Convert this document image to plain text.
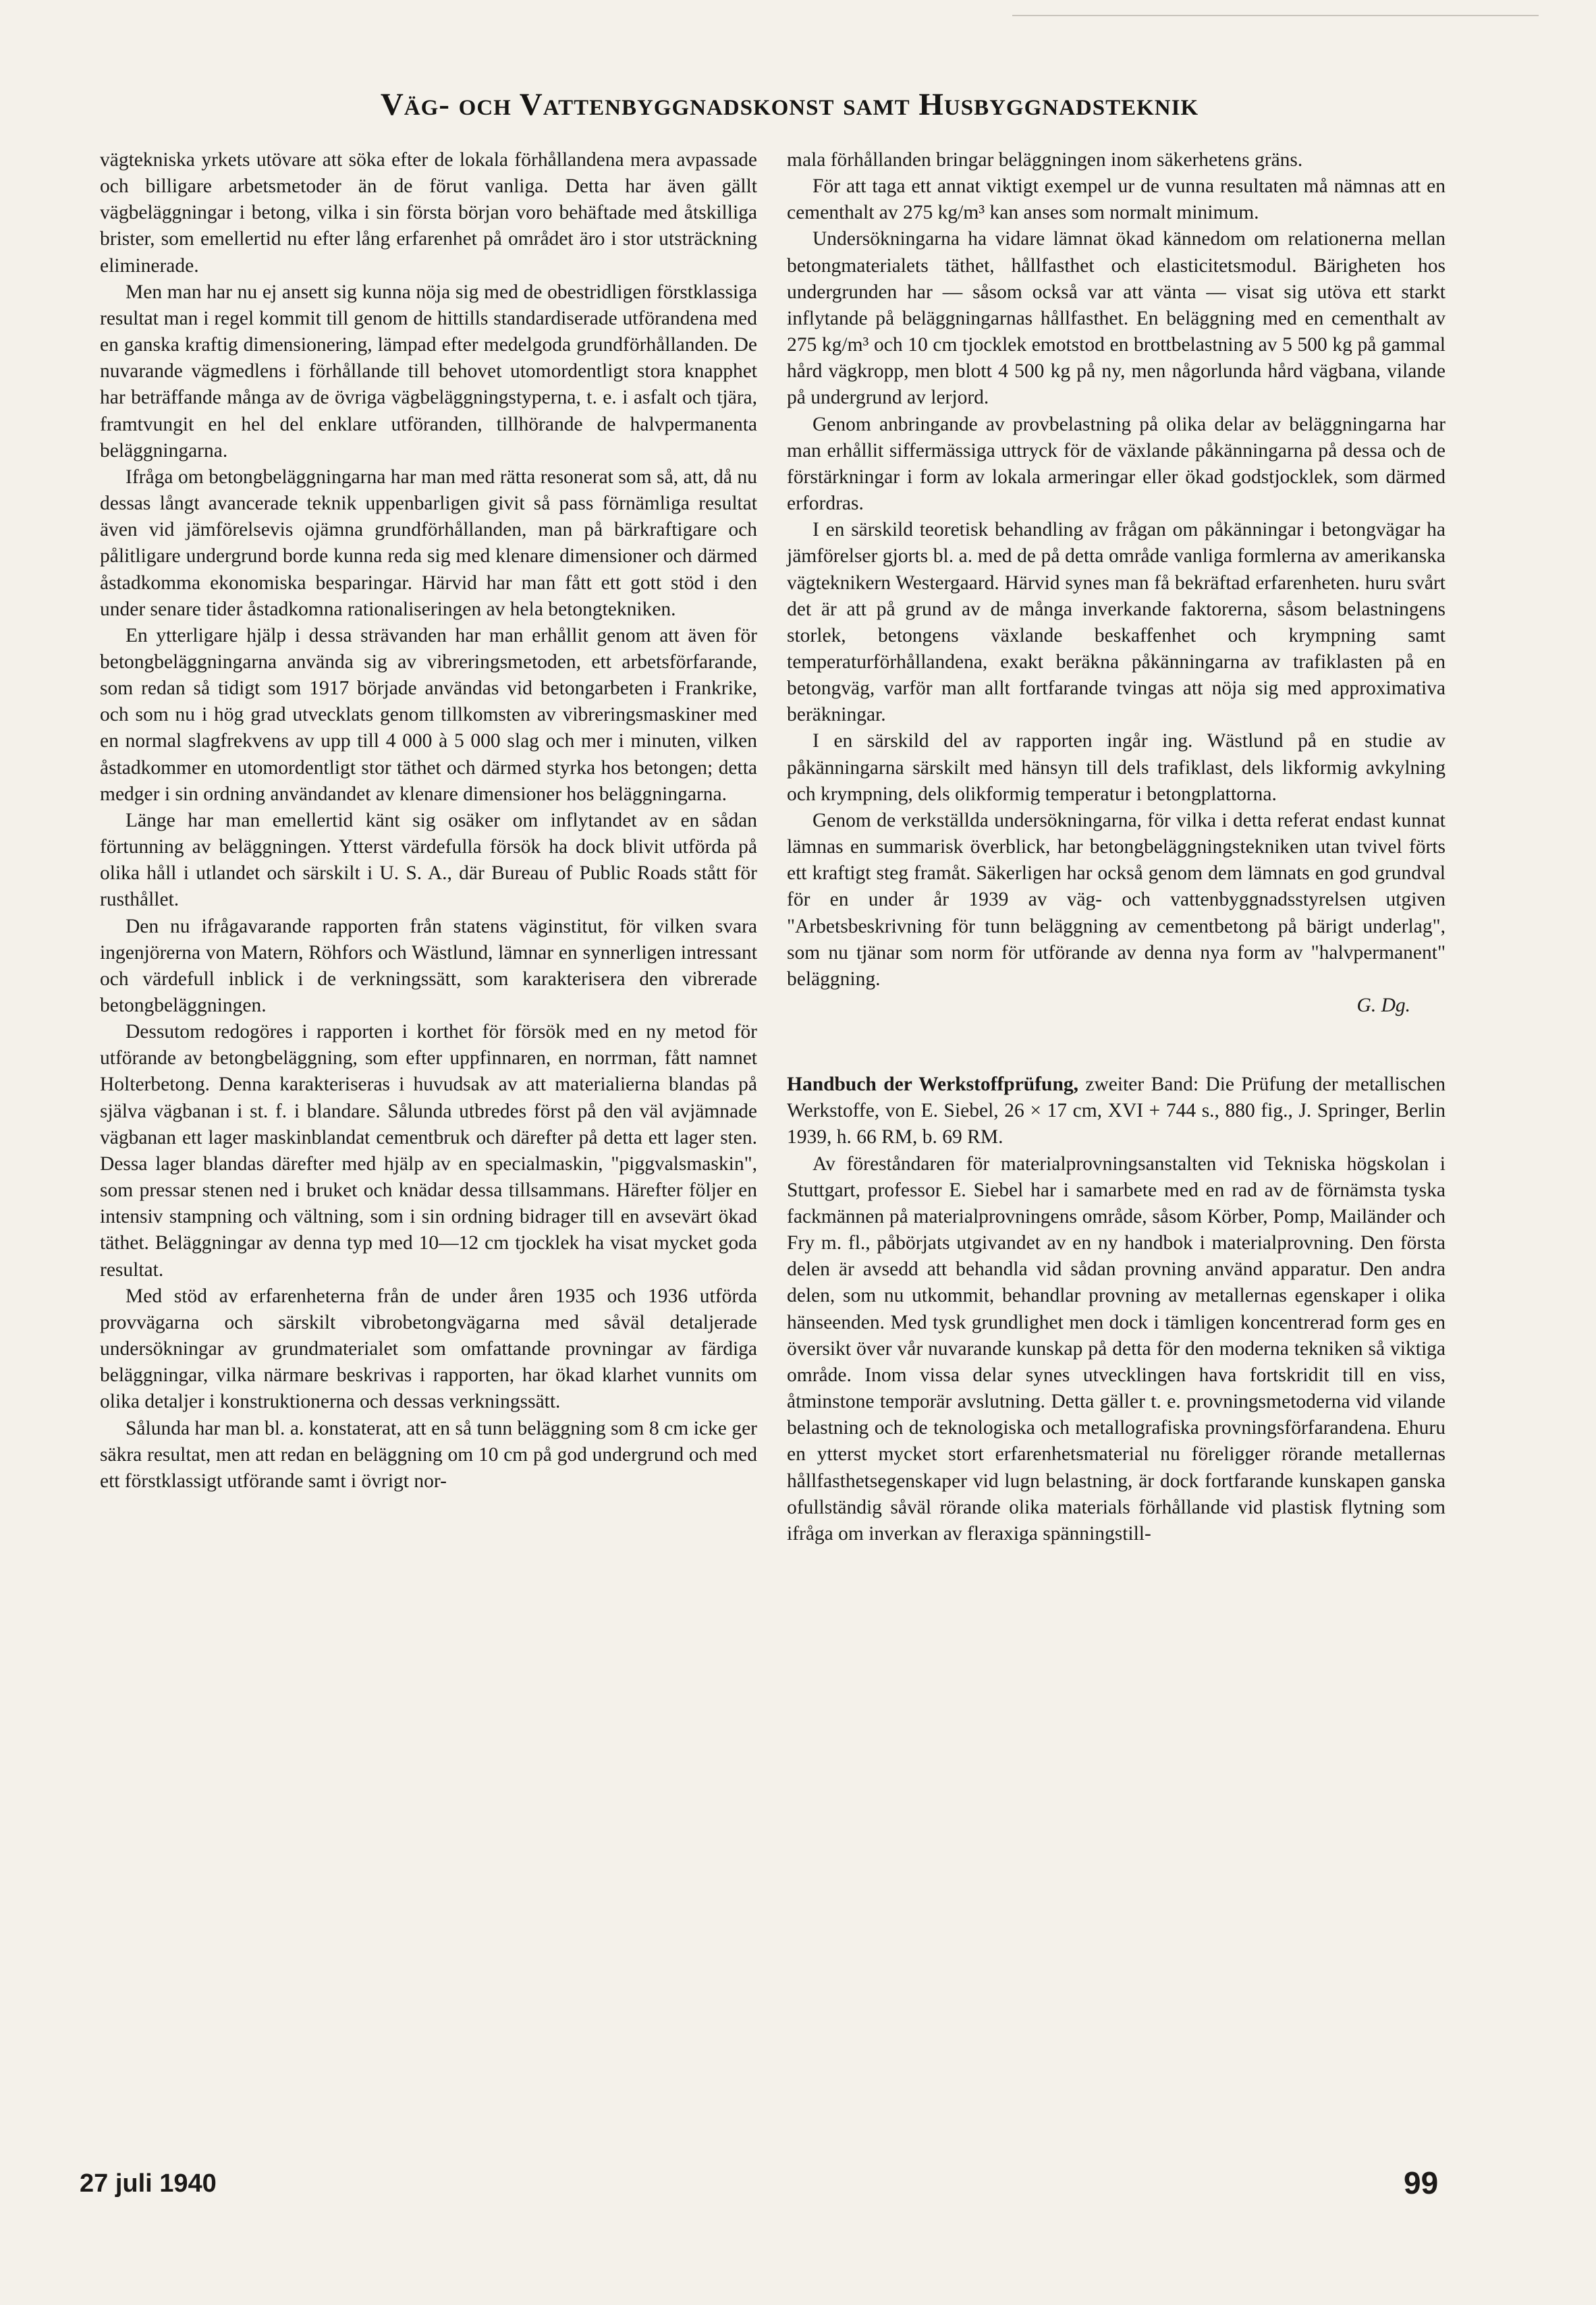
Väg- och Vattenbyggnadskonst samt Husbyggnadsteknik

vägtekniska yrkets utövare att söka efter de lokala förhållandena mera avpassade och billigare arbetsmetoder än de förut vanliga. Detta har även gällt vägbeläggningar i betong, vilka i sin första början voro behäftade med åtskilliga brister, som emellertid nu efter lång erfarenhet på området äro i stor utsträckning eliminerade.

Men man har nu ej ansett sig kunna nöja sig med de obestridligen förstklassiga resultat man i regel kommit till genom de hittills standardiserade utförandena med en ganska kraftig dimensionering, lämpad efter medelgoda grundförhållanden. De nuvarande vägmedlens i förhållande till behovet utomordentligt stora knapphet har beträffande många av de övriga vägbeläggningstyperna, t. e. i asfalt och tjära, framtvungit en hel del enklare utföranden, tillhörande de halvpermanenta beläggningarna.

Ifråga om betongbeläggningarna har man med rätta resonerat som så, att, då nu dessas långt avancerade teknik uppenbarligen givit så pass förnämliga resultat även vid jämförelsevis ojämna grundförhållanden, man på bärkraftigare och pålitligare undergrund borde kunna reda sig med klenare dimensioner och därmed åstadkomma ekonomiska besparingar. Härvid har man fått ett gott stöd i den under senare tider åstadkomna rationaliseringen av hela betongtekniken.

En ytterligare hjälp i dessa strävanden har man erhållit genom att även för betongbeläggningarna använda sig av vibreringsmetoden, ett arbetsförfarande, som redan så tidigt som 1917 började användas vid betongarbeten i Frankrike, och som nu i hög grad utvecklats genom tillkomsten av vibreringsmaskiner med en normal slagfrekvens av upp till 4 000 à 5 000 slag och mer i minuten, vilken åstadkommer en utomordentligt stor täthet och därmed styrka hos betongen; detta medger i sin ordning användandet av klenare dimensioner hos beläggningarna.

Länge har man emellertid känt sig osäker om inflytandet av en sådan förtunning av beläggningen. Ytterst värdefulla försök ha dock blivit utförda på olika håll i utlandet och särskilt i U. S. A., där Bureau of Public Roads stått för rusthållet.

Den nu ifrågavarande rapporten från statens väginstitut, för vilken svara ingenjörerna von Matern, Röhfors och Wästlund, lämnar en synnerligen intressant och värdefull inblick i de verkningssätt, som karakterisera den vibrerade betongbeläggningen.

Dessutom redogöres i rapporten i korthet för försök med en ny metod för utförande av betongbeläggning, som efter uppfinnaren, en norrman, fått namnet Holterbetong. Denna karakteriseras i huvudsak av att materialierna blandas på själva vägbanan i st. f. i blandare. Sålunda utbredes först på den väl avjämnade vägbanan ett lager maskinblandat cementbruk och därefter på detta ett lager sten. Dessa lager blandas därefter med hjälp av en specialmaskin, "piggvalsmaskin", som pressar stenen ned i bruket och knädar dessa tillsammans. Härefter följer en intensiv stampning och vältning, som i sin ordning bidrager till en avsevärt ökad täthet. Beläggningar av denna typ med 10—12 cm tjocklek ha visat mycket goda resultat.

Med stöd av erfarenheterna från de under åren 1935 och 1936 utförda provvägarna och särskilt vibrobetongvägarna med såväl detaljerade undersökningar av grundmaterialet som omfattande provningar av färdiga beläggningar, vilka närmare beskrivas i rapporten, har ökad klarhet vunnits om olika detaljer i konstruktionerna och dessas verkningssätt.

Sålunda har man bl. a. konstaterat, att en så tunn beläggning som 8 cm icke ger säkra resultat, men att redan en beläggning om 10 cm på god undergrund och med ett förstklassigt utförande samt i övrigt nor-

mala förhållanden bringar beläggningen inom säkerhetens gräns.

För att taga ett annat viktigt exempel ur de vunna resultaten må nämnas att en cementhalt av 275 kg/m³ kan anses som normalt minimum.

Undersökningarna ha vidare lämnat ökad kännedom om relationerna mellan betongmaterialets täthet, hållfasthet och elasticitetsmodul. Bärigheten hos undergrunden har — såsom också var att vänta — visat sig utöva ett starkt inflytande på beläggningarnas hållfasthet. En beläggning med en cementhalt av 275 kg/m³ och 10 cm tjocklek emotstod en brottbelastning av 5 500 kg på gammal hård vägkropp, men blott 4 500 kg på ny, men någorlunda hård vägbana, vilande på undergrund av lerjord.

Genom anbringande av provbelastning på olika delar av beläggningarna har man erhållit siffermässiga uttryck för de växlande påkänningarna på dessa och de förstärkningar i form av lokala armeringar eller ökad godstjocklek, som därmed erfordras.

I en särskild teoretisk behandling av frågan om påkänningar i betongvägar ha jämförelser gjorts bl. a. med de på detta område vanliga formlerna av amerikanska vägteknikern Westergaard. Härvid synes man få bekräftad erfarenheten. huru svårt det är att på grund av de många inverkande faktorerna, såsom belastningens storlek, betongens växlande beskaffenhet och krympning samt temperaturförhållandena, exakt beräkna påkänningarna av trafiklasten på en betongväg, varför man allt fortfarande tvingas att nöja sig med approximativa beräkningar.

I en särskild del av rapporten ingår ing. Wästlund på en studie av påkänningarna särskilt med hänsyn till dels trafiklast, dels likformig avkylning och krympning, dels olikformig temperatur i betongplattorna.

Genom de verkställda undersökningarna, för vilka i detta referat endast kunnat lämnas en summarisk överblick, har betongbeläggningstekniken utan tvivel förts ett kraftigt steg framåt. Säkerligen har också genom dem lämnats en god grundval för en under år 1939 av väg- och vattenbyggnadsstyrelsen utgiven "Arbetsbeskrivning för tunn beläggning av cementbetong på bärigt underlag", som nu tjänar som norm för utförande av denna nya form av "halvpermanent" beläggning.

G. Dg.

Handbuch der Werkstoffprüfung, zweiter Band: Die Prüfung der metallischen Werkstoffe, von E. Siebel, 26 × 17 cm, XVI + 744 s., 880 fig., J. Springer, Berlin 1939, h. 66 RM, b. 69 RM.

Av föreståndaren för materialprovningsanstalten vid Tekniska högskolan i Stuttgart, professor E. Siebel har i samarbete med en rad av de förnämsta tyska fackmännen på materialprovningens område, såsom Körber, Pomp, Mailänder och Fry m. fl., påbörjats utgivandet av en ny handbok i materialprovning. Den första delen är avsedd att behandla vid sådan provning använd apparatur. Den andra delen, som nu utkommit, behandlar provning av metallernas egenskaper i olika hänseenden. Med tysk grundlighet men dock i tämligen koncentrerad form ges en översikt över vår nuvarande kunskap på detta för den moderna tekniken så viktiga område. Inom vissa delar synes utvecklingen hava fortskridit till en viss, åtminstone temporär avslutning. Detta gäller t. e. provningsmetoderna vid vilande belastning och de teknologiska och metallografiska provningsförfarandena. Ehuru en ytterst mycket stort erfarenhetsmaterial nu föreligger rörande metallernas hållfasthetsegenskaper vid lugn belastning, är dock fortfarande kunskapen ganska ofullständig såväl rörande olika materials förhållande vid plastisk flytning som ifråga om inverkan av fleraxiga spänningstill-

27 juli 1940	99
